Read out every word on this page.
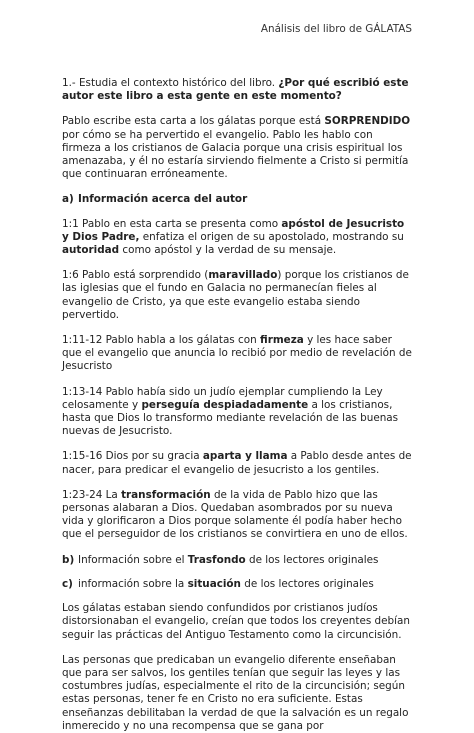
Análisis del libro de GÁLATAS

1.- Estudia el contexto histórico del libro. ¿Por qué escribió este autor este libro a esta gente en este momento?

Pablo escribe esta carta a los gálatas porque está SORPRENDIDO por cómo se ha pervertido el evangelio. Pablo les hablo con firmeza a los cristianos de Galacia porque una crisis espiritual los amenazaba, y él no estaría sirviendo fielmente a Cristo si permitía que continuaran erróneamente.

a) Información acerca del autor

1:1 Pablo en esta carta se presenta como apóstol de Jesucristo y Dios Padre, enfatiza el origen de su apostolado, mostrando su autoridad como apóstol y la verdad de su mensaje.

1:6 Pablo está sorprendido (maravillado) porque los cristianos de las iglesias que el fundo en Galacia no permanecían fieles al evangelio de Cristo, ya que este evangelio estaba siendo pervertido.

1:11-12 Pablo habla a los gálatas con firmeza y les hace saber que el evangelio que anuncia lo recibió por medio de revelación de Jesucristo

1:13-14 Pablo había sido un judío ejemplar cumpliendo la Ley celosamente y perseguía despiadadamente a los cristianos, hasta que Dios lo transformo mediante revelación de las buenas nuevas de Jesucristo.

1:15-16 Dios por su gracia aparta y llama a Pablo desde antes de nacer, para predicar el evangelio de jesucristo a los gentiles.

1:23-24 La transformación de la vida de Pablo hizo que las personas alabaran a Dios. Quedaban asombrados por su nueva vida y glorificaron a Dios porque solamente él podía haber hecho que el perseguidor de los cristianos se convirtiera en uno de ellos.

b) Información sobre el Trasfondo de los lectores originales

c) información sobre la situación de los lectores originales

Los gálatas estaban siendo confundidos por cristianos judíos distorsionaban el evangelio, creían que todos los creyentes debían seguir las prácticas del Antiguo Testamento como la circuncisión.

Las personas que predicaban un evangelio diferente enseñaban que para ser salvos, los gentiles tenían que seguir las leyes y las costumbres judías, especialmente el rito de la circuncisión; según estas personas, tener fe en Cristo no era suficiente. Estas enseñanzas debilitaban la verdad de que la salvación es un regalo inmerecido y no una recompensa que se gana por
